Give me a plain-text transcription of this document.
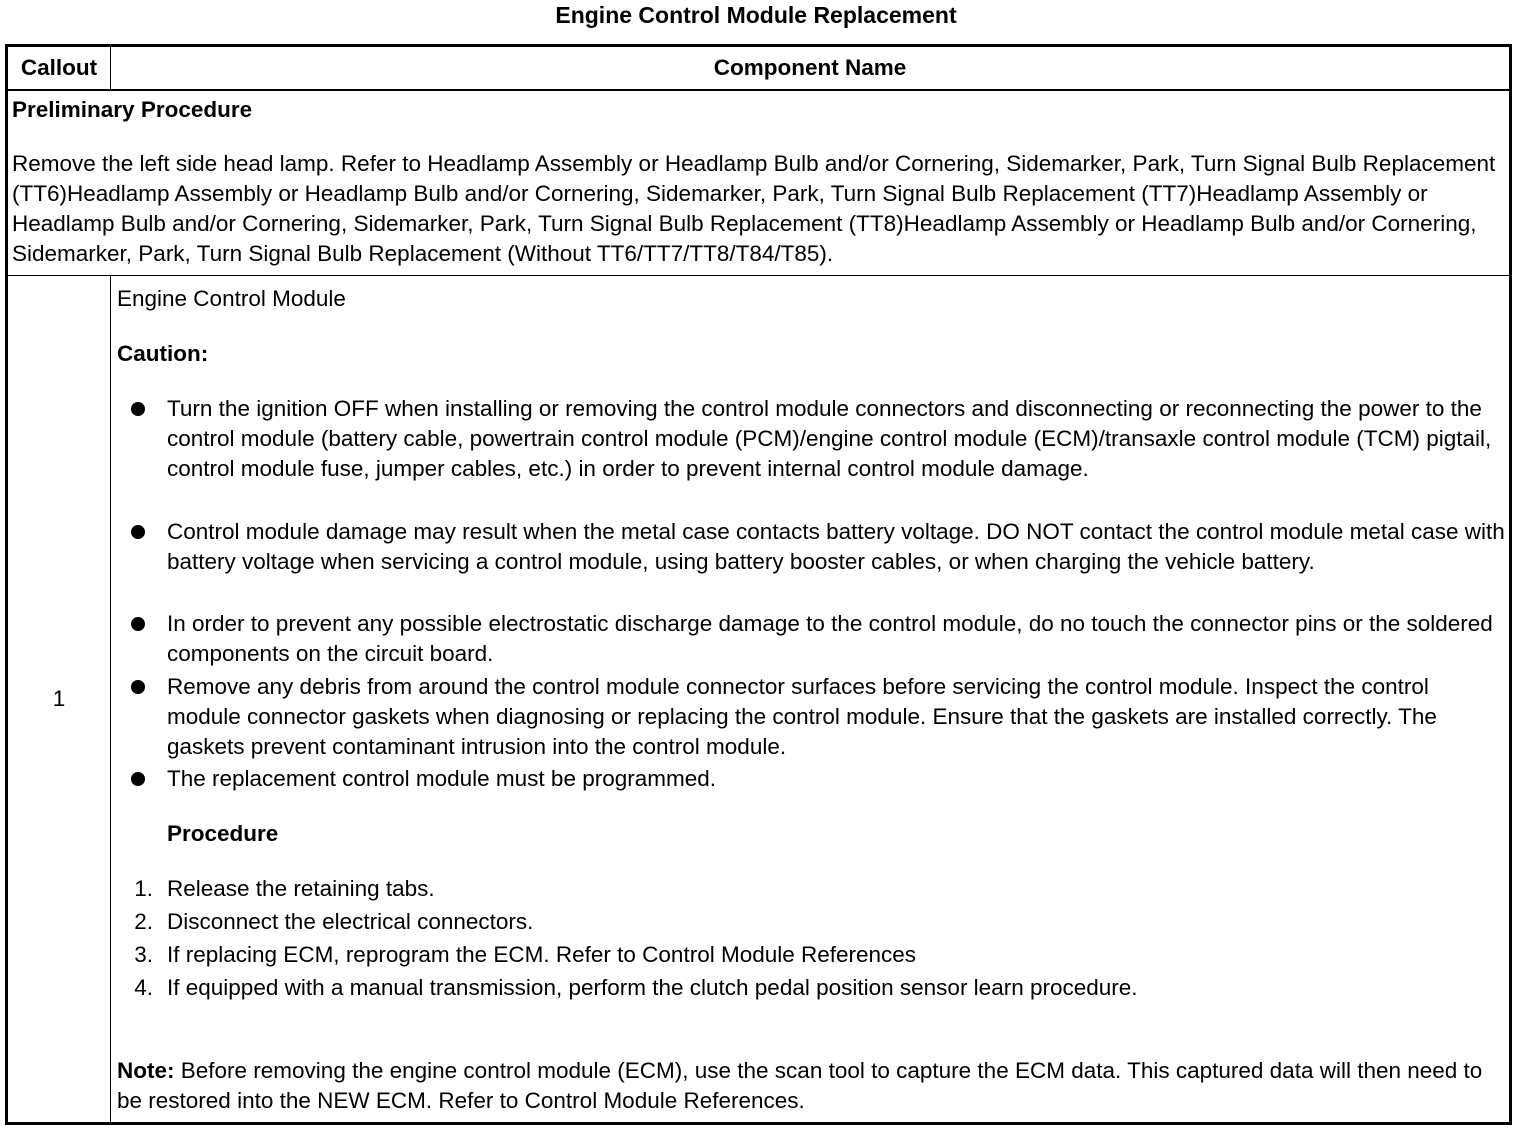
Engine Control Module Replacement
Callout	Component Name
Preliminary Procedure
Remove the left side head lamp. Refer to Headlamp Assembly or Headlamp Bulb and/or Cornering, Sidemarker, Park, Turn Signal Bulb Replacement (TT6)Headlamp Assembly or Headlamp Bulb and/or Cornering, Sidemarker, Park, Turn Signal Bulb Replacement (TT7)Headlamp Assembly or Headlamp Bulb and/or Cornering, Sidemarker, Park, Turn Signal Bulb Replacement (TT8)Headlamp Assembly or Headlamp Bulb and/or Cornering, Sidemarker, Park, Turn Signal Bulb Replacement (Without TT6/TT7/TT8/T84/T85).
1
Engine Control Module
Caution:
Turn the ignition OFF when installing or removing the control module connectors and disconnecting or reconnecting the power to the control module (battery cable, powertrain control module (PCM)/engine control module (ECM)/transaxle control module (TCM) pigtail, control module fuse, jumper cables, etc.) in order to prevent internal control module damage.
Control module damage may result when the metal case contacts battery voltage. DO NOT contact the control module metal case with battery voltage when servicing a control module, using battery booster cables, or when charging the vehicle battery.
In order to prevent any possible electrostatic discharge damage to the control module, do no touch the connector pins or the soldered components on the circuit board.
Remove any debris from around the control module connector surfaces before servicing the control module. Inspect the control module connector gaskets when diagnosing or replacing the control module. Ensure that the gaskets are installed correctly. The gaskets prevent contaminant intrusion into the control module.
The replacement control module must be programmed.
Procedure
1. Release the retaining tabs.
2. Disconnect the electrical connectors.
3. If replacing ECM, reprogram the ECM. Refer to Control Module References
4. If equipped with a manual transmission, perform the clutch pedal position sensor learn procedure.
Note: Before removing the engine control module (ECM), use the scan tool to capture the ECM data. This captured data will then need to be restored into the NEW ECM. Refer to Control Module References.
